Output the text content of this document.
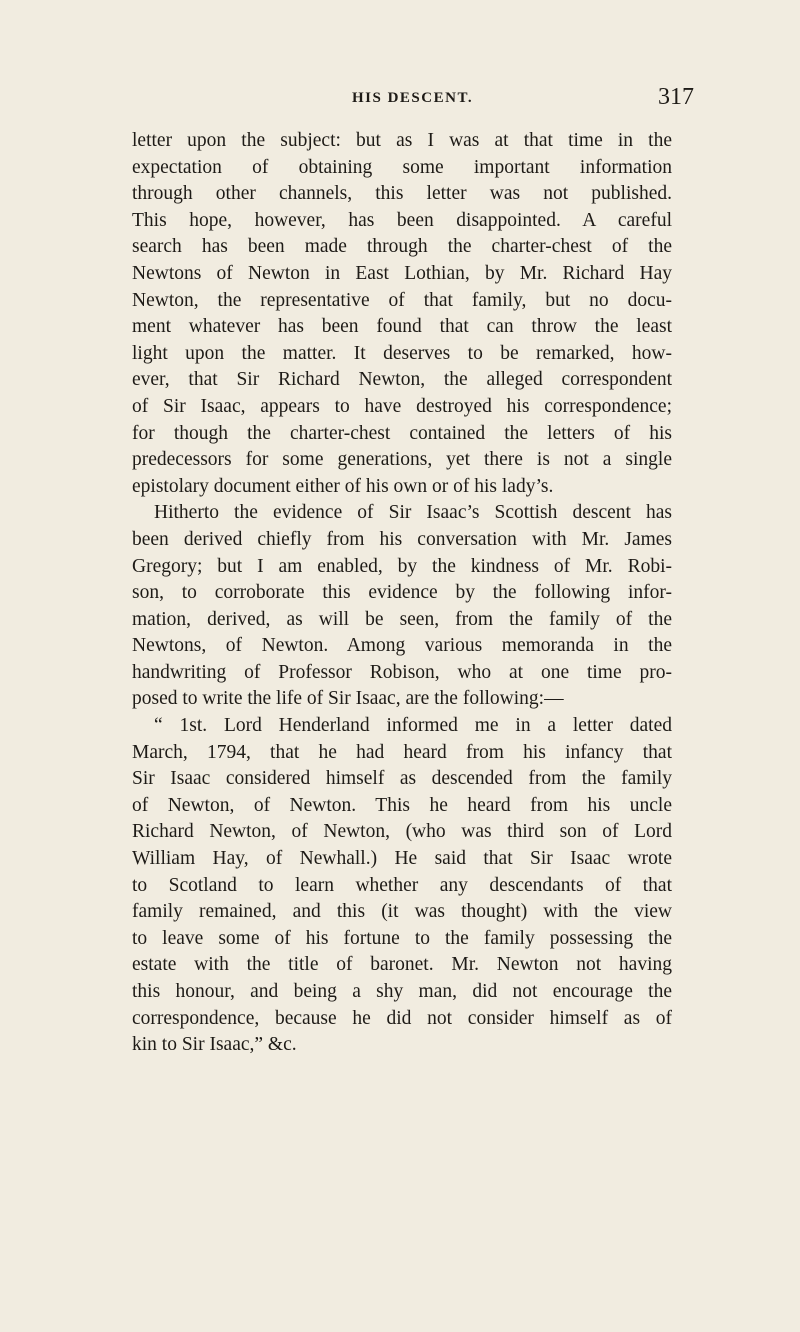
HIS DESCENT.	317
letter upon the subject: but as I was at that time in the
expectation of obtaining some important information
through other channels, this letter was not published.
This hope, however, has been disappointed. A careful
search has been made through the charter-chest of the
Newtons of Newton in East Lothian, by Mr. Richard Hay
Newton, the representative of that family, but no docu-
ment whatever has been found that can throw the least
light upon the matter. It deserves to be remarked, how-
ever, that Sir Richard Newton, the alleged correspondent
of Sir Isaac, appears to have destroyed his correspondence;
for though the charter-chest contained the letters of his
predecessors for some generations, yet there is not a single
epistolary document either of his own or of his lady’s.
Hitherto the evidence of Sir Isaac’s Scottish descent has
been derived chiefly from his conversation with Mr. James
Gregory; but I am enabled, by the kindness of Mr. Robi-
son, to corroborate this evidence by the following infor-
mation, derived, as will be seen, from the family of the
Newtons, of Newton. Among various memoranda in the
handwriting of Professor Robison, who at one time pro-
posed to write the life of Sir Isaac, are the following:—
“ 1st. Lord Henderland informed me in a letter dated
March, 1794, that he had heard from his infancy that
Sir Isaac considered himself as descended from the family
of Newton, of Newton. This he heard from his uncle
Richard Newton, of Newton, (who was third son of Lord
William Hay, of Newhall.) He said that Sir Isaac wrote
to Scotland to learn whether any descendants of that
family remained, and this (it was thought) with the view
to leave some of his fortune to the family possessing the
estate with the title of baronet. Mr. Newton not having
this honour, and being a shy man, did not encourage the
correspondence, because he did not consider himself as of
kin to Sir Isaac,” &c.
